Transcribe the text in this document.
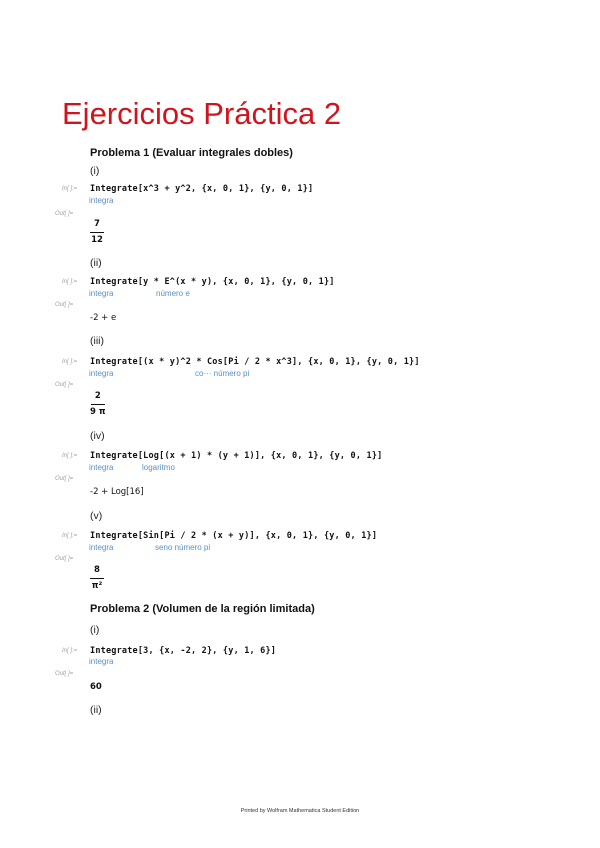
Ejercicios Práctica 2
Problema 1 (Evaluar integrales dobles)
(i)
In[ ]:= Integrate[x^3 + y^2, {x, 0, 1}, {y, 0, 1}]
integra
Out[ ]=
7
12
(ii)
In[ ]:= Integrate[y * E^(x * y), {x, 0, 1}, {y, 0, 1}]
integra	número e
Out[ ]=
-2 + e
(iii)
In[ ]:= Integrate[(x * y)^2 * Cos[Pi / 2 * x^3], {x, 0, 1}, {y, 0, 1}]
integra	co··· número pi
Out[ ]=
2
9 π
(iv)
In[ ]:= Integrate[Log[(x + 1) * (y + 1)], {x, 0, 1}, {y, 0, 1}]
integra	logaritmo
Out[ ]=
-2 + Log[16]
(v)
In[ ]:= Integrate[Sin[Pi / 2 * (x + y)], {x, 0, 1}, {y, 0, 1}]
integra	seno número pi
Out[ ]=
8
π²
Problema 2 (Volumen de la región limitada)
(i)
In[ ]:= Integrate[3, {x, -2, 2}, {y, 1, 6}]
integra
Out[ ]=
60
(ii)
Printed by Wolfram Mathematica Student Edition
